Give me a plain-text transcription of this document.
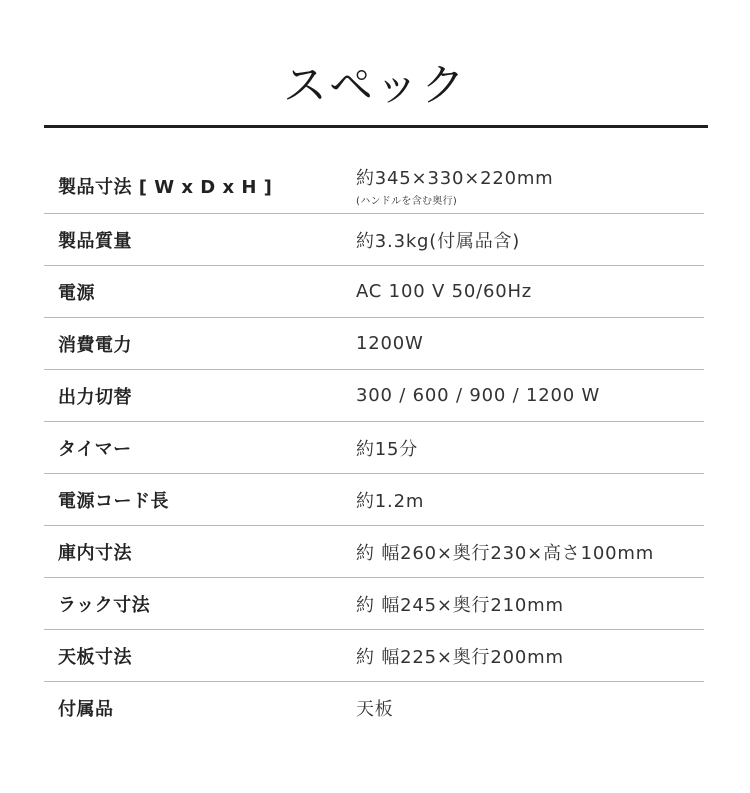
スペック
製品寸法 [ W x D x H ]	約345×330×220mm
(ハンドルを含む奥行)
製品質量	約3.3kg(付属品含)
電源	AC 100 V 50/60Hz
消費電力	1200W
出力切替	300 / 600 / 900 / 1200 W
タイマー	約15分
電源コード長	約1.2m
庫内寸法	約 幅260×奥行230×高さ100mm
ラック寸法	約 幅245×奥行210mm
天板寸法	約 幅225×奥行200mm
付属品	天板
